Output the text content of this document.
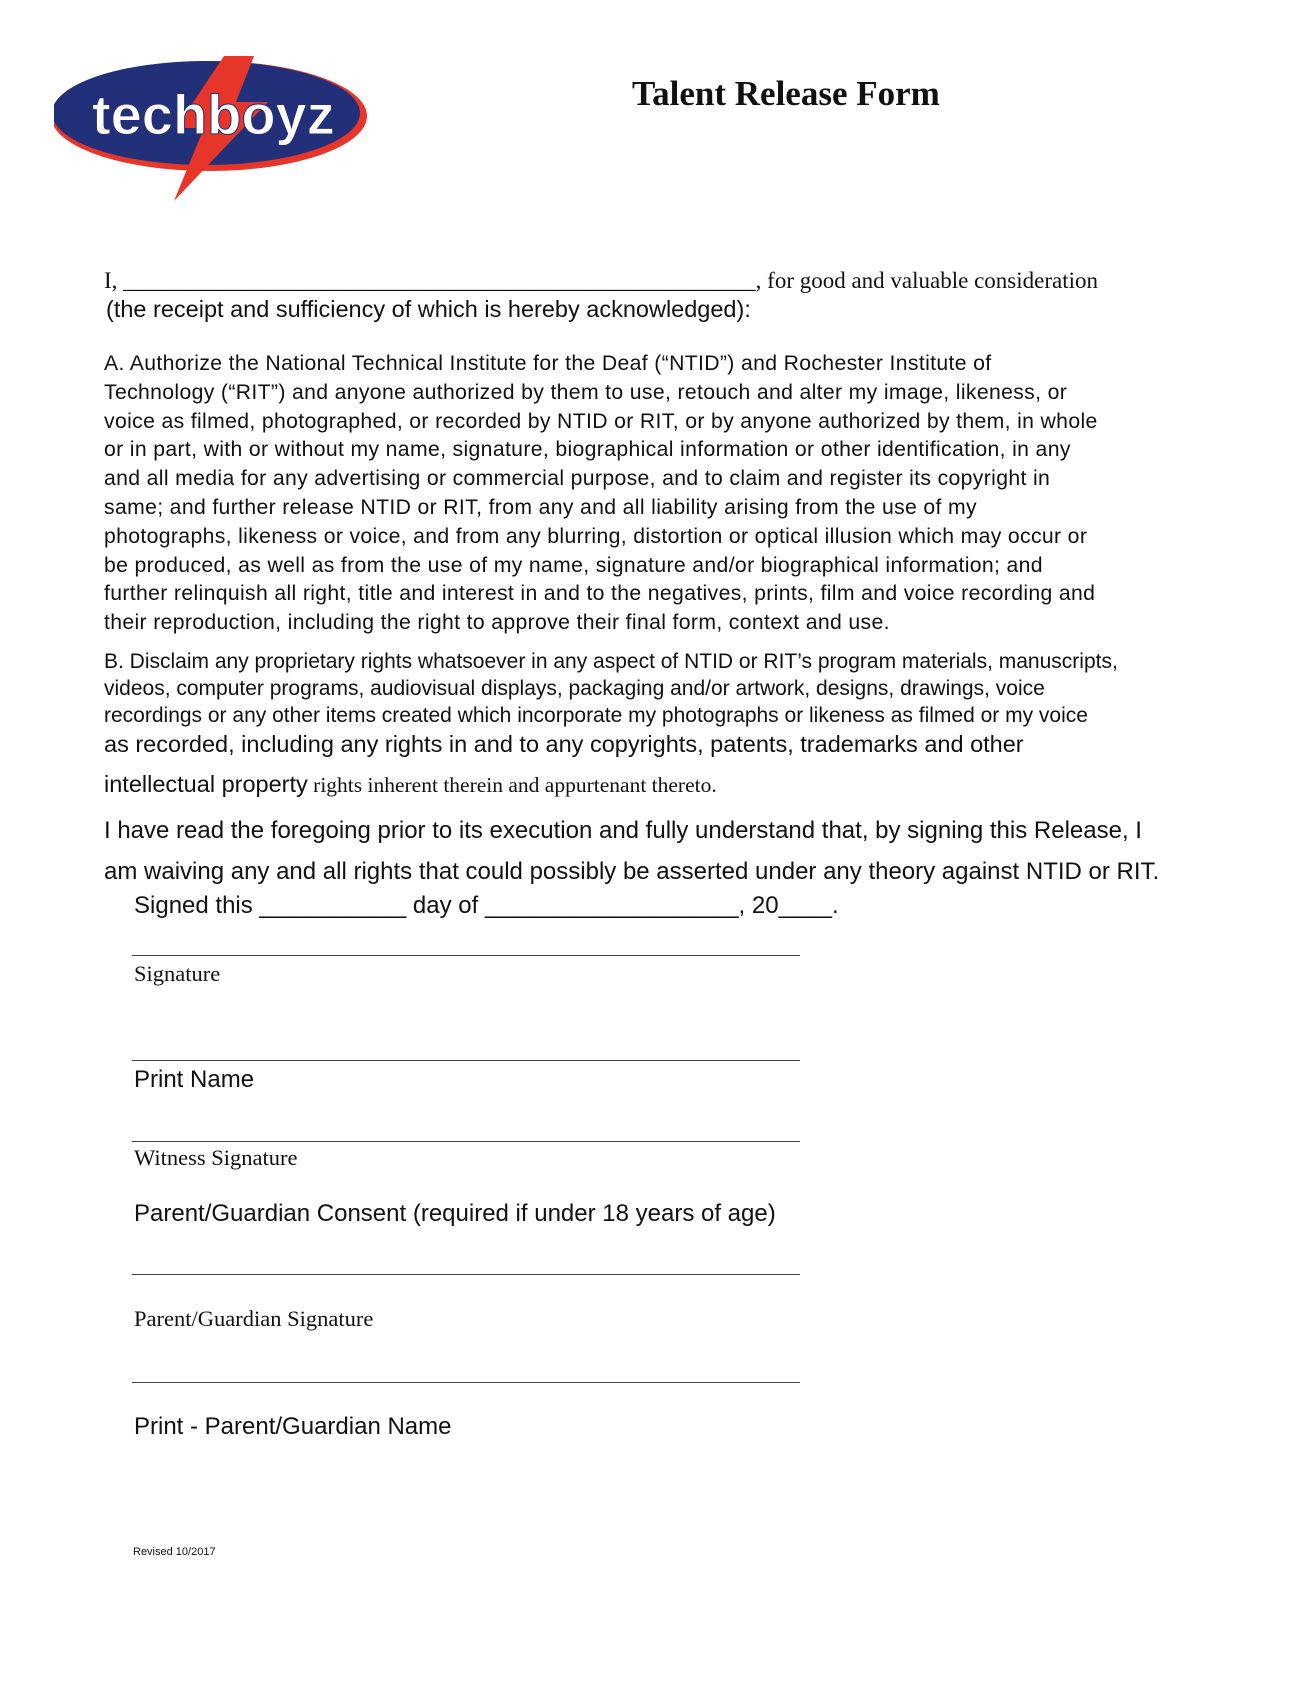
techboyz	Talent Release Form
I, _______________________________________________________, for good and valuable consideration
(the receipt and sufficiency of which is hereby acknowledged):
A. Authorize the National Technical Institute for the Deaf (“NTID”) and Rochester Institute of
Technology (“RIT”) and anyone authorized by them to use, retouch and alter my image, likeness, or
voice as filmed, photographed, or recorded by NTID or RIT, or by anyone authorized by them, in whole
or in part, with or without my name, signature, biographical information or other identification, in any
and all media for any advertising or commercial purpose, and to claim and register its copyright in
same; and further release NTID or RIT, from any and all liability arising from the use of my
photographs, likeness or voice, and from any blurring, distortion or optical illusion which may occur or
be produced, as well as from the use of my name, signature and/or biographical information; and
further relinquish all right, title and interest in and to the negatives, prints, film and voice recording and
their reproduction, including the right to approve their final form, context and use.
B. Disclaim any proprietary rights whatsoever in any aspect of NTID or RIT’s program materials, manuscripts,
videos, computer programs, audiovisual displays, packaging and/or artwork, designs, drawings, voice
recordings or any other items created which incorporate my photographs or likeness as filmed or my voice
as recorded, including any rights in and to any copyrights, patents, trademarks and other
intellectual property rights inherent therein and appurtenant thereto.
I have read the foregoing prior to its execution and fully understand that, by signing this Release, I
am waiving any and all rights that could possibly be asserted under any theory against NTID or RIT.
Signed this ___________ day of ___________________, 20____.
Signature
Print Name
Witness Signature
Parent/Guardian Consent (required if under 18 years of age)
Parent/Guardian Signature
Print - Parent/Guardian Name
Revised 10/2017
